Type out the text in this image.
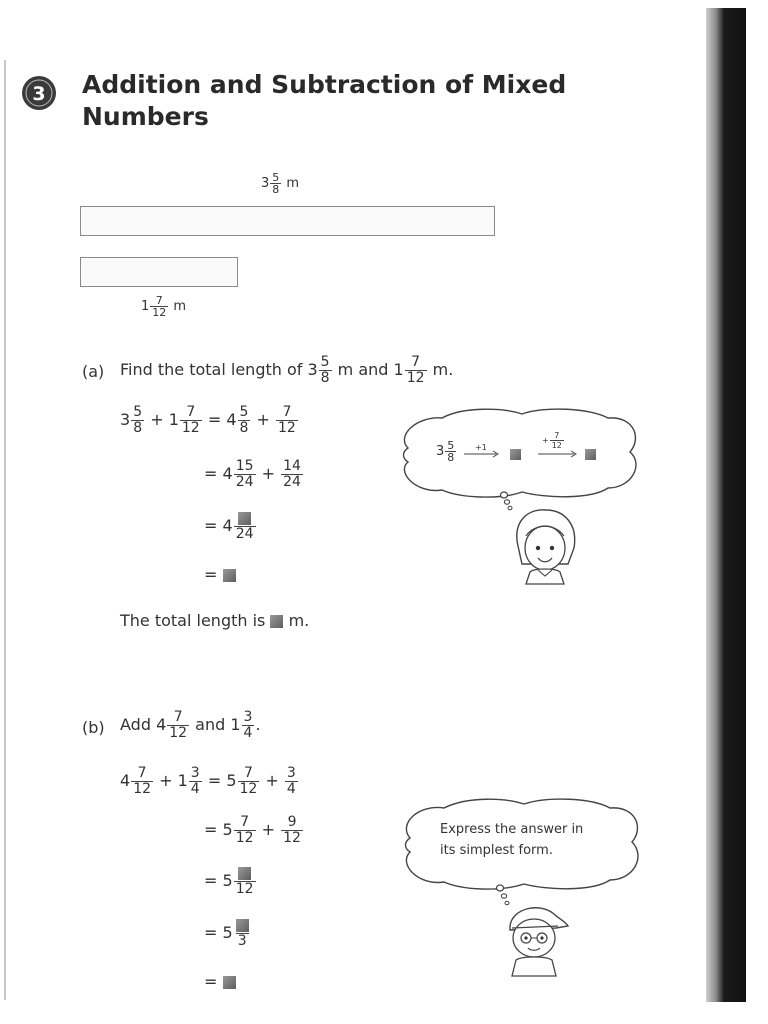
3 Addition and Subtraction of Mixed
Numbers
$3 \frac{5}{8}$ m
$1 \frac{7}{12}$ m
(a) Find the total length of $3 \frac{5}{8}$ m and $1 \frac{7}{12} m$.
$3 \frac{5}{8} + 1 \frac{7}{12} = 4 \frac{5}{8} + \frac{7}{12}$
= $4 \frac{15}{24} + \frac{14}{24}$
= 4 24
=
The total length is m.
$3 \frac{5}{8} +1$
+ $\frac{7}{12}$
(b) Add $4 \frac{7}{12}$ and $1 \frac{3}{4}$ .
$4 \frac{7}{12} + 1 \frac{3}{4} = 5 \frac{7}{12} + \frac{3}{4}$
= $5 \frac{7}{12} + \frac{9}{12}$
= 5 12
= 5 3
=
Express the answer in
its simplest form.
